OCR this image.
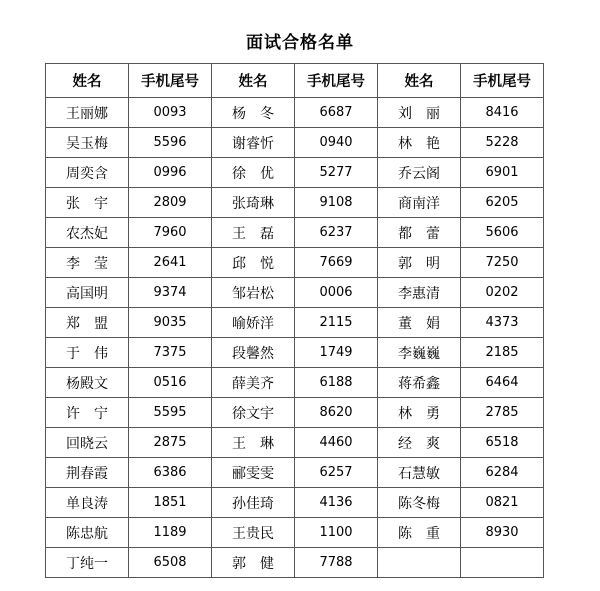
面试合格名单
姓名	手机尾号	姓名	手机尾号	姓名	手机尾号
王丽娜	0093	杨　冬	6687	刘　丽	8416
吴玉梅	5596	谢睿忻	0940	林　艳	5228
周奕含	0996	徐　优	5277	乔云阁	6901
张　宇	2809	张琦琳	9108	商南洋	6205
农杰妃	7960	王　磊	6237	都　蕾	5606
李　莹	2641	邱　悦	7669	郭　明	7250
高国明	9374	邹岩松	0006	李惠清	0202
郑　盟	9035	喻娇洋	2115	董　娟	4373
于　伟	7375	段馨然	1749	李巍巍	2185
杨殿文	0516	薛美齐	6188	蒋希鑫	6464
许　宁	5595	徐文宇	8620	林　勇	2785
回晓云	2875	王　琳	4460	经　爽	6518
荆春霞	6386	郦雯雯	6257	石慧敏	6284
单良涛	1851	孙佳琦	4136	陈冬梅	0821
陈忠航	1189	王贵民	1100	陈　重	8930
丁纯一	6508	郭　健	7788		
